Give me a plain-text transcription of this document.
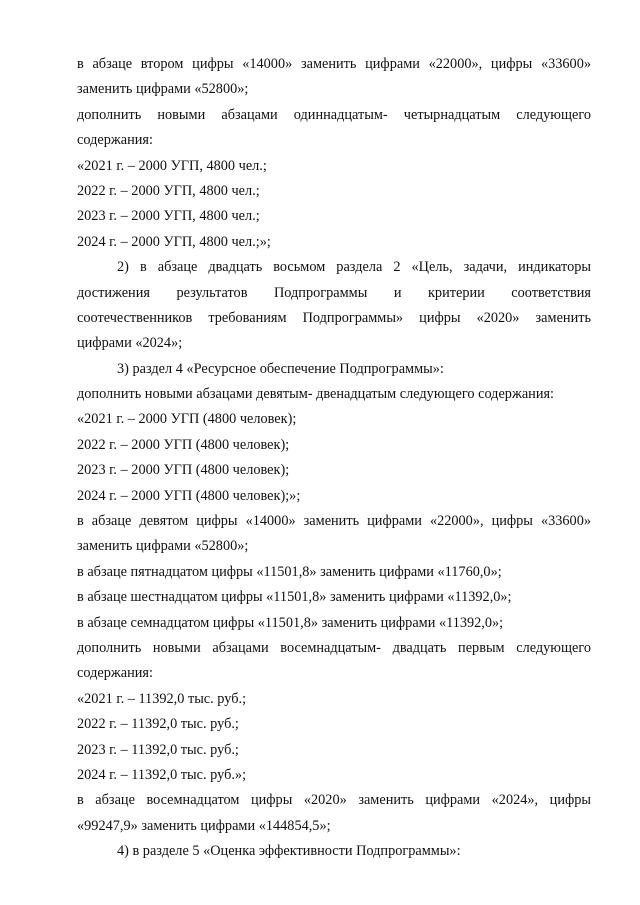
в абзаце втором цифры «14000» заменить цифрами «22000», цифры «33600»
заменить цифрами «52800»;
дополнить новыми абзацами одиннадцатым- четырнадцатым следующего
содержания:
«2021 г. – 2000 УГП, 4800 чел.;
2022 г. – 2000 УГП, 4800 чел.;
2023 г. – 2000 УГП, 4800 чел.;
2024 г. – 2000 УГП, 4800 чел.;»;
2) в абзаце двадцать восьмом раздела 2 «Цель, задачи, индикаторы
достижения результатов Подпрограммы и критерии соответствия
соотечественников требованиям Подпрограммы» цифры «2020» заменить
цифрами «2024»;
3) раздел 4 «Ресурсное обеспечение Подпрограммы»:
дополнить новыми абзацами девятым- двенадцатым следующего содержания:
«2021 г. – 2000 УГП (4800 человек);
2022 г. – 2000 УГП (4800 человек);
2023 г. – 2000 УГП (4800 человек);
2024 г. – 2000 УГП (4800 человек);»;
в абзаце девятом цифры «14000» заменить цифрами «22000», цифры «33600»
заменить цифрами «52800»;
в абзаце пятнадцатом цифры «11501,8» заменить цифрами «11760,0»;
в абзаце шестнадцатом цифры «11501,8» заменить цифрами «11392,0»;
в абзаце семнадцатом цифры «11501,8» заменить цифрами «11392,0»;
дополнить новыми абзацами восемнадцатым- двадцать первым следующего
содержания:
«2021 г. – 11392,0 тыс. руб.;
2022 г. – 11392,0 тыс. руб.;
2023 г. – 11392,0 тыс. руб.;
2024 г. – 11392,0 тыс. руб.»;
в абзаце восемнадцатом цифры «2020» заменить цифрами «2024», цифры
«99247,9» заменить цифрами «144854,5»;
4) в разделе 5 «Оценка эффективности Подпрограммы»:
